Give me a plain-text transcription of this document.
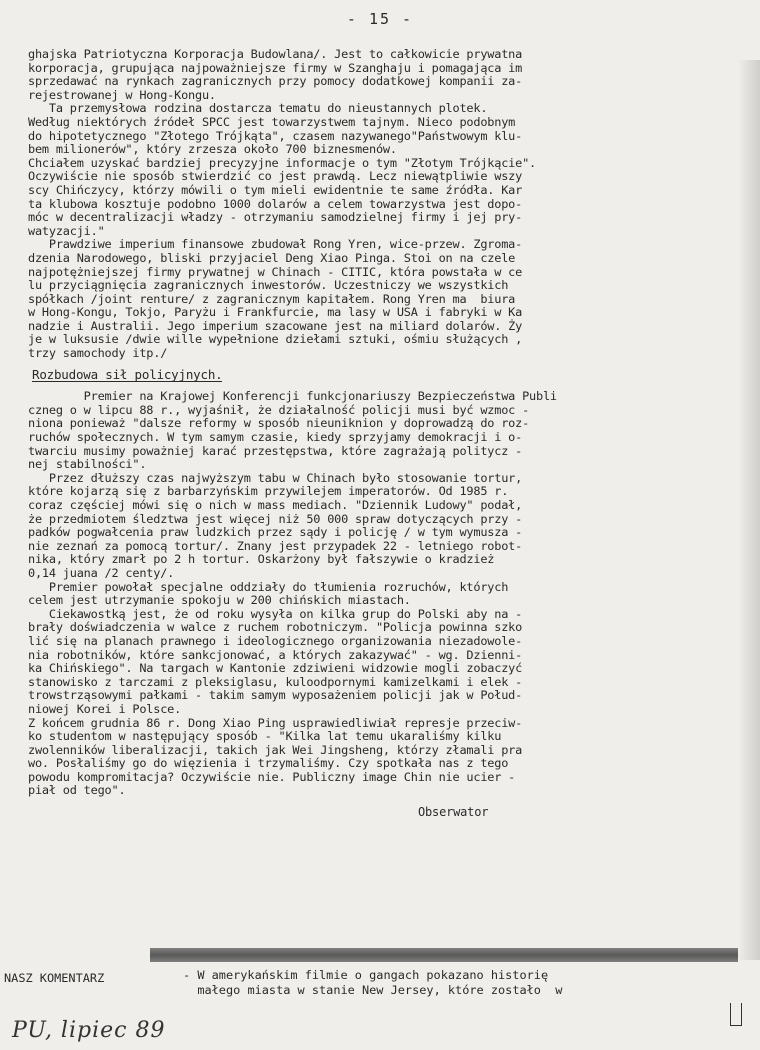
- 15 -

ghajska Patriotyczna Korporacja Budowlana/. Jest to całkowicie prywatna
korporacja, grupująca najpoważniejsze firmy w Szanghaju i pomagająca im
sprzedawać na rynkach zagranicznych przy pomocy dodatkowej kompanii za-
rejestrowanej w Hong-Kongu.

Ta przemysłowa rodzina dostarcza tematu do nieustannych plotek.
Według niektórych źródeł SPCC jest towarzystwem tajnym. Nieco podobnym
do hipotetycznego "Złotego Trójkąta", czasem nazywanego"Państwowym klu-
bem milionerów", który zrzesza około 700 biznesmenów.
Chciałem uzyskać bardziej precyzyjne informacje o tym "Złotym Trójkącie".
Oczywiście nie sposób stwierdzić co jest prawdą. Lecz niewątpliwie wszy
scy Chińczycy, którzy mówili o tym mieli ewidentnie te same źródła. Kar
ta klubowa kosztuje podobno 1000 dolarów a celem towarzystwa jest dopo-
móc w decentralizacji władzy - otrzymaniu samodzielnej firmy i jej pry-
watyzacji."

Prawdziwe imperium finansowe zbudował Rong Yren, wice-przew. Zgroma-
dzenia Narodowego, bliski przyjaciel Deng Xiao Pinga. Stoi on na czele
najpotężniejszej firmy prywatnej w Chinach - CITIC, która powstała w ce
lu przyciągnięcia zagranicznych inwestorów. Uczestniczy we wszystkich
spółkach /joint renture/ z zagranicznym kapitałem. Rong Yren ma  biura
w Hong-Kongu, Tokjo, Paryżu i Frankfurcie, ma lasy w USA i fabryki w Ka
nadzie i Australii. Jego imperium szacowane jest na miliard dolarów. Ży
je w luksusie /dwie wille wypełnione dziełami sztuki, ośmiu służących ,
trzy samochody itp./

Rozbudowa sił policyjnych.

Premier na Krajowej Konferencji funkcjonariuszy Bezpieczeństwa Publi
czneg o w lipcu 88 r., wyjaśnił, że działalność policji musi być wzmoc -
niona ponieważ "dalsze reformy w sposób nieuniknion y doprowadzą do roz-
ruchów społecznych. W tym samym czasie, kiedy sprzyjamy demokracji i o-
twarciu musimy poważniej karać przestępstwa, które zagrażają politycz -
nej stabilności".

Przez dłuższy czas najwyższym tabu w Chinach było stosowanie tortur,
które kojarzą się z barbarzyńskim przywilejem imperatorów. Od 1985 r.
coraz częściej mówi się o nich w mass mediach. "Dziennik Ludowy" podał,
że przedmiotem śledztwa jest więcej niż 50 000 spraw dotyczących przy -
padków pogwałcenia praw ludzkich przez sądy i policję / w tym wymusza -
nie zeznań za pomocą tortur/. Znany jest przypadek 22 - letniego robot-
nika, który zmarł po 2 h tortur. Oskarżony był fałszywie o kradzież
0,14 juana /2 centy/.

Premier powołał specjalne oddziały do tłumienia rozruchów, których
celem jest utrzymanie spokoju w 200 chińskich miastach.

Ciekawostką jest, że od roku wysyła on kilka grup do Polski aby na -
brały doświadczenia w walce z ruchem robotniczym. "Policja powinna szko
lić się na planach prawnego i ideologicznego organizowania niezadowole-
nia robotników, które sankcjonować, a których zakazywać" - wg. Dzienni-
ka Chińskiego". Na targach w Kantonie zdziwieni widzowie mogli zobaczyć
stanowisko z tarczami z pleksiglasu, kuloodpornymi kamizelkami i elek -
trowstrząsowymi pałkami - takim samym wyposażeniem policji jak w Połud-
niowej Korei i Polsce.

Z końcem grudnia 86 r. Dong Xiao Ping usprawiedliwiał represje przeciw-
ko studentom w następujący sposób - "Kilka lat temu ukaraliśmy kilku
zwolenników liberalizacji, takich jak Wei Jingsheng, którzy złamali pra
wo. Posłaliśmy go do więzienia i trzymaliśmy. Czy spotkała nas z tego
powodu kompromitacja? Oczywiście nie. Publiczny image Chin nie ucier -
piał od tego".

Obserwator
NASZ KOMENTARZ	- W amerykańskim filmie o gangach pokazano historię
małego miasta w stanie New Jersey, które zostało  w
PU, lipiec 89
